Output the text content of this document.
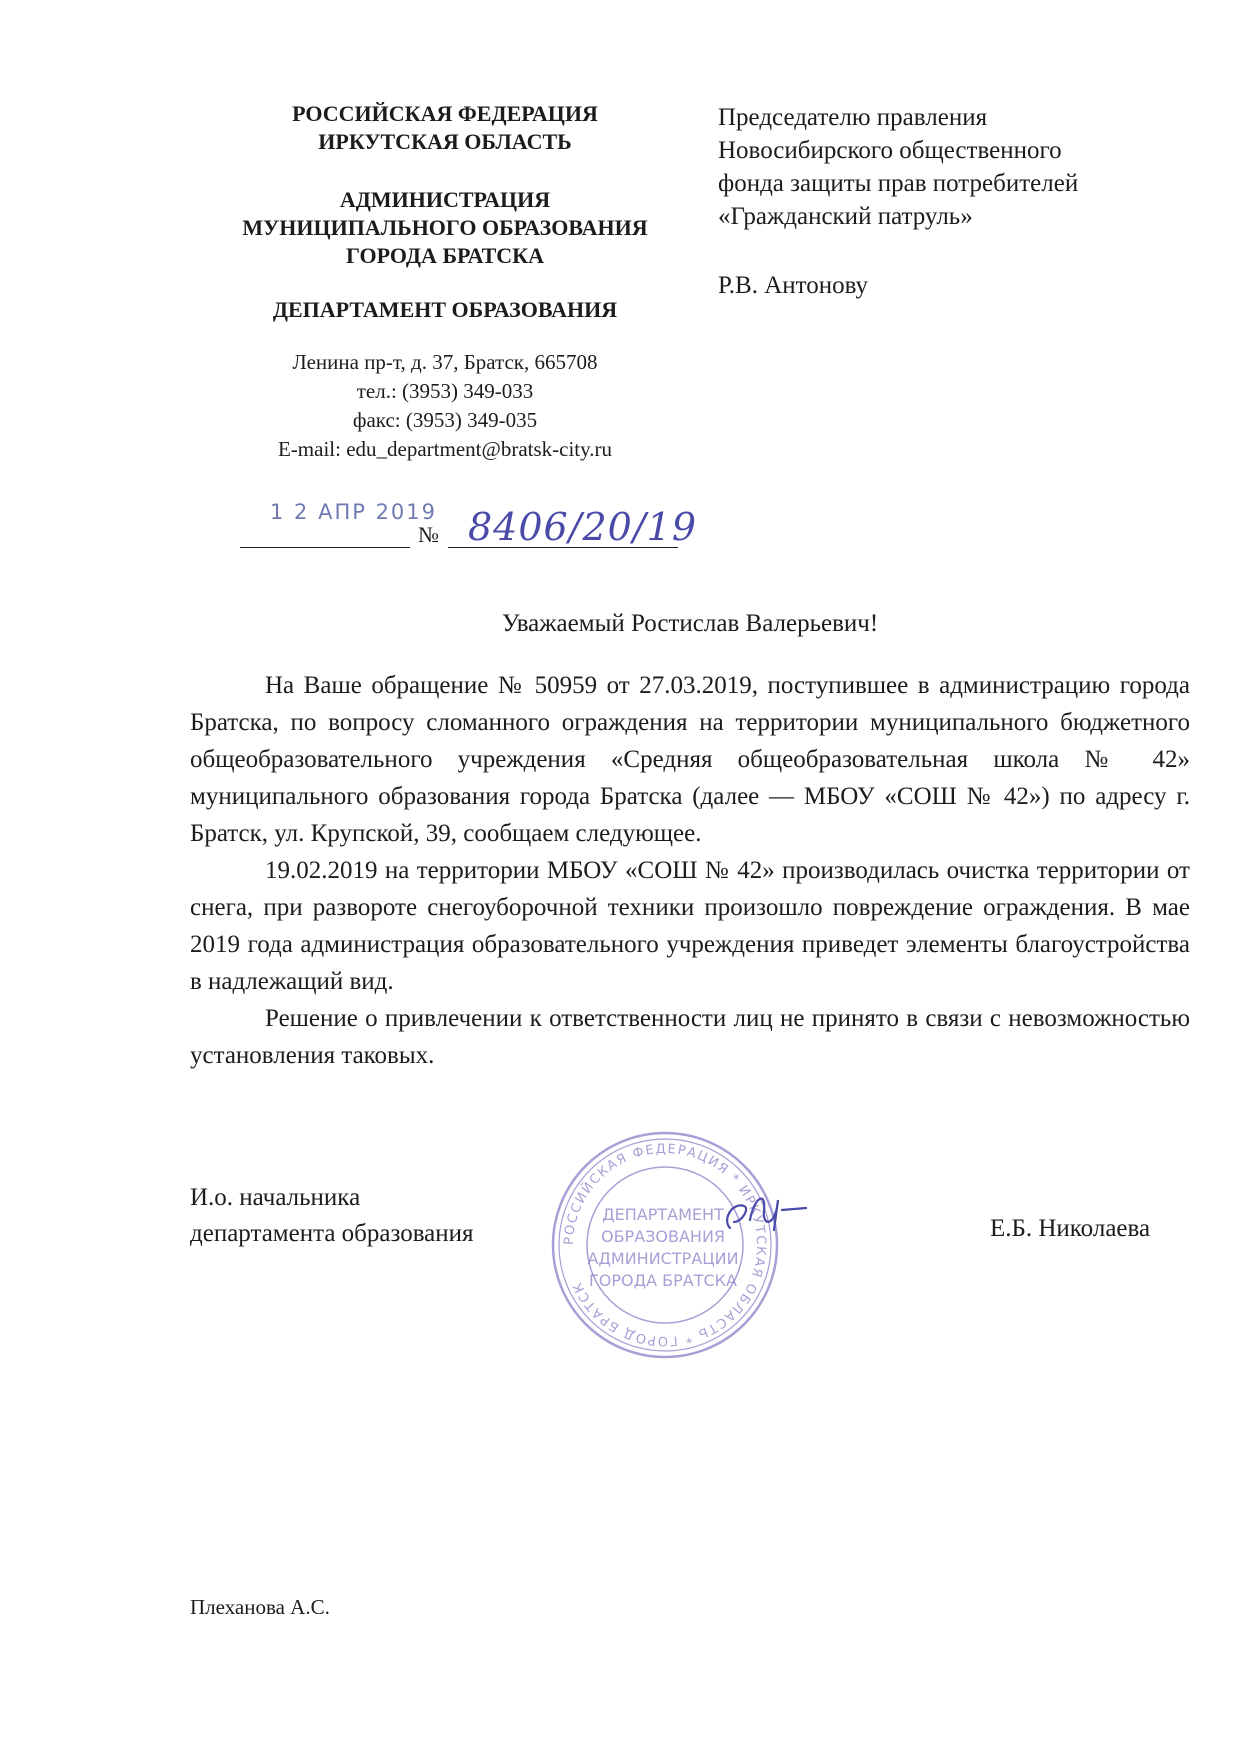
РОССИЙСКАЯ ФЕДЕРАЦИЯ
ИРКУТСКАЯ ОБЛАСТЬ
АДМИНИСТРАЦИЯ
МУНИЦИПАЛЬНОГО ОБРАЗОВАНИЯ
ГОРОДА БРАТСКА
ДЕПАРТАМЕНТ ОБРАЗОВАНИЯ
Ленина пр-т, д. 37, Братск, 665708
тел.: (3953) 349-033
факс: (3953) 349-035
E-mail: edu_department@bratsk-city.ru
1 2 АПР 2019
№ 8406/20/19
Председателю правления
Новосибирского общественного
фонда защиты прав потребителей
«Гражданский патруль»
Р.В. Антонову
Уважаемый Ростислав Валерьевич!

На Ваше обращение № 50959 от 27.03.2019, поступившее в администрацию города Братска, по вопросу сломанного ограждения на территории муниципального бюджетного общеобразовательного учреждения «Средняя общеобразовательная школа № 42» муниципального образования города Братска (далее — МБОУ «СОШ № 42») по адресу г. Братск, ул. Крупской, 39, сообщаем следующее.

19.02.2019 на территории МБОУ «СОШ № 42» производилась очистка территории от снега, при развороте снегоуборочной техники произошло повреждение ограждения. В мае 2019 года администрация образовательного учреждения приведет элементы благоустройства в надлежащий вид.

Решение о привлечении к ответственности лиц не принято в связи с невозможностью установления таковых.

И.о. начальника
департамента образования	Е.Б. Николаева
РОССИЙСКАЯ ФЕДЕРАЦИЯ * ИРКУТСКАЯ ОБЛАСТЬ * ГОРОД БРАТСК
ДЕПАРТАМЕНТ
ОБРАЗОВАНИЯ
АДМИНИСТРАЦИИ
ГОРОДА БРАТСКА
Плеханова А.С.
